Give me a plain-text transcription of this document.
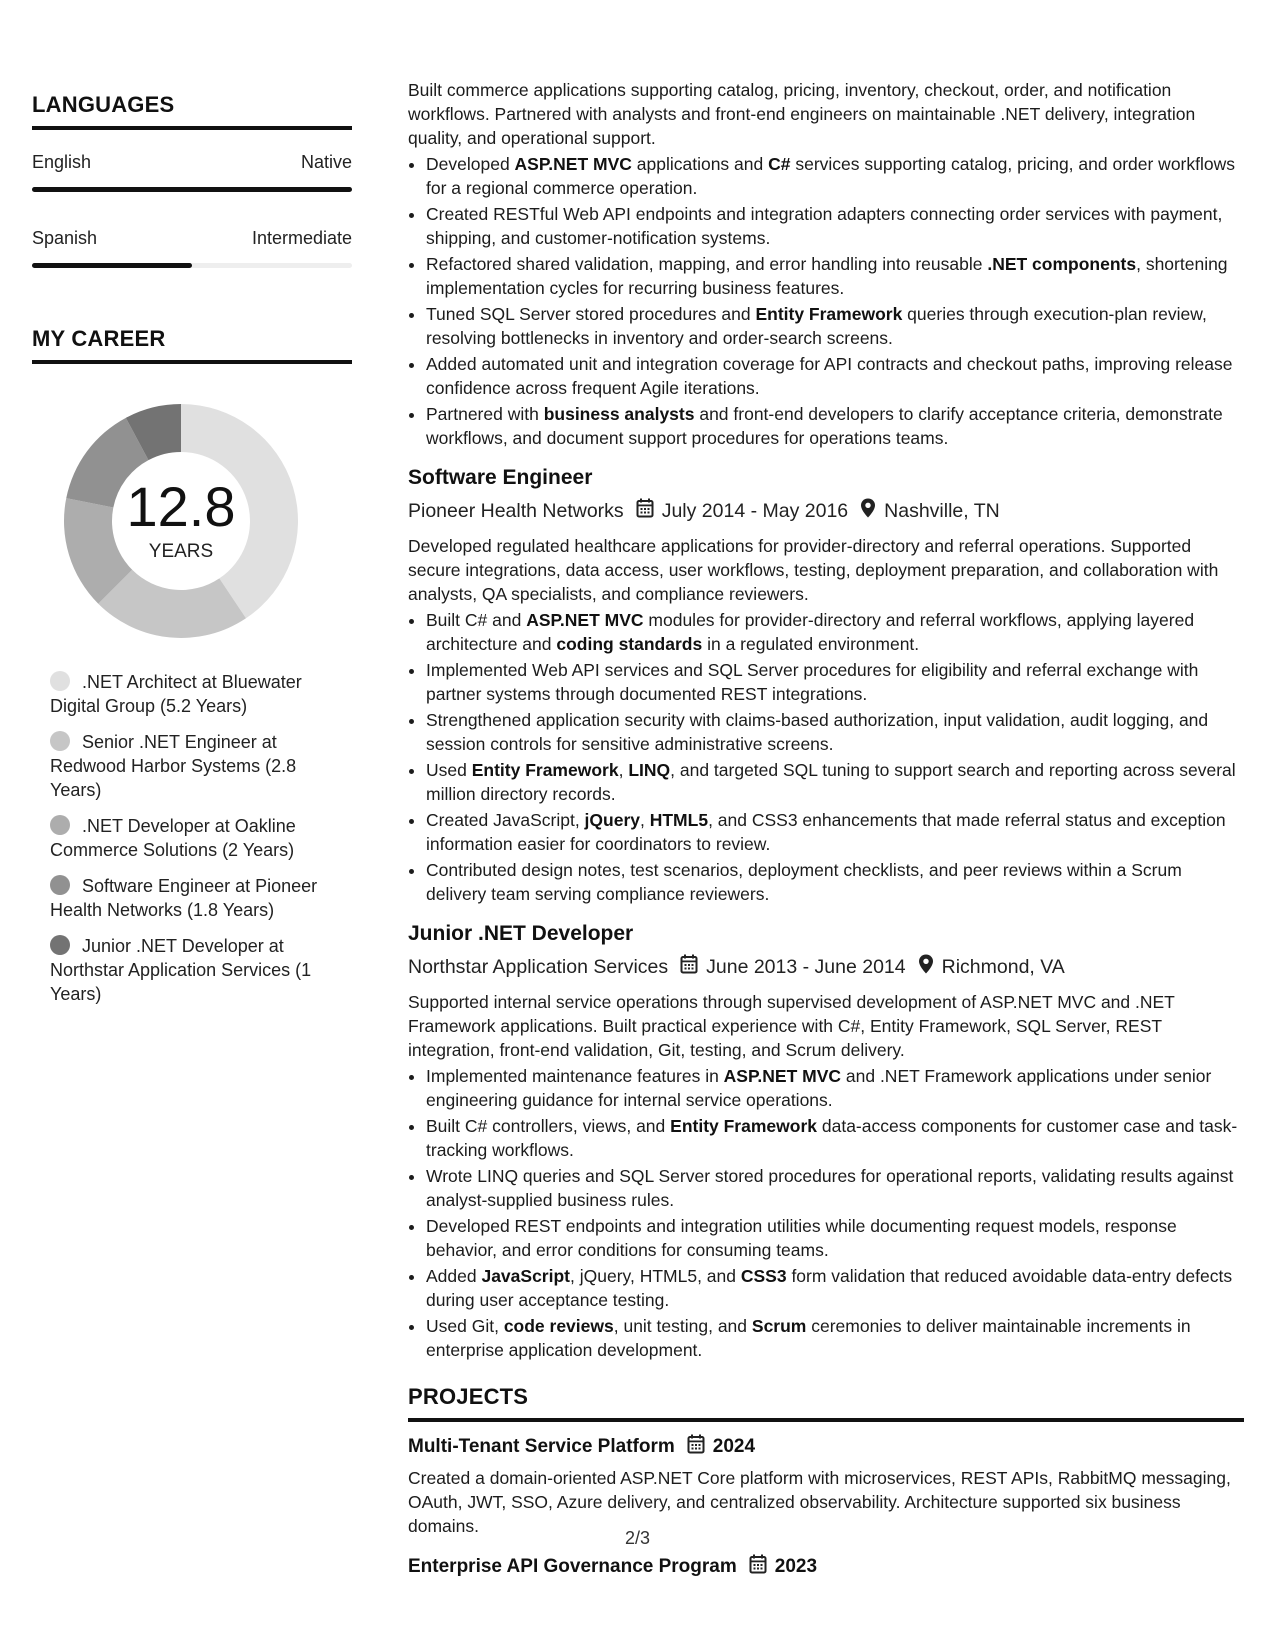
LANGUAGES
English	Native
Spanish	Intermediate
MY CAREER
12.8
YEARS
.NET Architect at Bluewater Digital Group (5.2 Years)
Senior .NET Engineer at Redwood Harbor Systems (2.8 Years)
.NET Developer at Oakline Commerce Solutions (2 Years)
Software Engineer at Pioneer Health Networks (1.8 Years)
Junior .NET Developer at Northstar Application Services (1 Years)
Built commerce applications supporting catalog, pricing, inventory, checkout, order, and notification workflows. Partnered with analysts and front-end engineers on maintainable .NET delivery, integration quality, and operational support.
• Developed ASP.NET MVC applications and C# services supporting catalog, pricing, and order workflows for a regional commerce operation.
• Created RESTful Web API endpoints and integration adapters connecting order services with payment, shipping, and customer-notification systems.
• Refactored shared validation, mapping, and error handling into reusable .NET components, shortening implementation cycles for recurring business features.
• Tuned SQL Server stored procedures and Entity Framework queries through execution-plan review, resolving bottlenecks in inventory and order-search screens.
• Added automated unit and integration coverage for API contracts and checkout paths, improving release confidence across frequent Agile iterations.
• Partnered with business analysts and front-end developers to clarify acceptance criteria, demonstrate workflows, and document support procedures for operations teams.
Software Engineer
Pioneer Health Networks July 2014 - May 2016 Nashville, TN
Developed regulated healthcare applications for provider-directory and referral operations. Supported secure integrations, data access, user workflows, testing, deployment preparation, and collaboration with analysts, QA specialists, and compliance reviewers.
• Built C# and ASP.NET MVC modules for provider-directory and referral workflows, applying layered architecture and coding standards in a regulated environment.
• Implemented Web API services and SQL Server procedures for eligibility and referral exchange with partner systems through documented REST integrations.
• Strengthened application security with claims-based authorization, input validation, audit logging, and session controls for sensitive administrative screens.
• Used Entity Framework, LINQ, and targeted SQL tuning to support search and reporting across several million directory records.
• Created JavaScript, jQuery, HTML5, and CSS3 enhancements that made referral status and exception information easier for coordinators to review.
• Contributed design notes, test scenarios, deployment checklists, and peer reviews within a Scrum delivery team serving compliance reviewers.
Junior .NET Developer
Northstar Application Services June 2013 - June 2014 Richmond, VA
Supported internal service operations through supervised development of ASP.NET MVC and .NET Framework applications. Built practical experience with C#, Entity Framework, SQL Server, REST integration, front-end validation, Git, testing, and Scrum delivery.
• Implemented maintenance features in ASP.NET MVC and .NET Framework applications under senior engineering guidance for internal service operations.
• Built C# controllers, views, and Entity Framework data-access components for customer case and task-tracking workflows.
• Wrote LINQ queries and SQL Server stored procedures for operational reports, validating results against analyst-supplied business rules.
• Developed REST endpoints and integration utilities while documenting request models, response behavior, and error conditions for consuming teams.
• Added JavaScript, jQuery, HTML5, and CSS3 form validation that reduced avoidable data-entry defects during user acceptance testing.
• Used Git, code reviews, unit testing, and Scrum ceremonies to deliver maintainable increments in enterprise application development.
PROJECTS
Multi-Tenant Service Platform 2024
Created a domain-oriented ASP.NET Core platform with microservices, REST APIs, RabbitMQ messaging, OAuth, JWT, SSO, Azure delivery, and centralized observability. Architecture supported six business domains.
Enterprise API Governance Program 2023
2/3
